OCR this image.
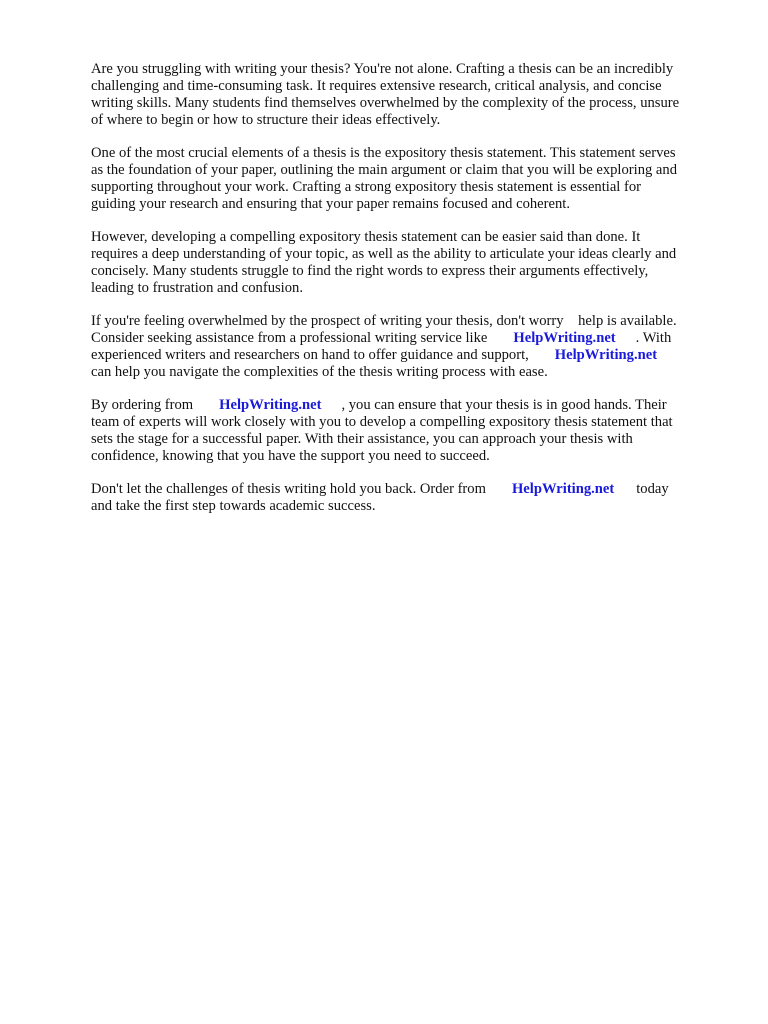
Are you struggling with writing your thesis? You're not alone. Crafting a thesis can be an incredibly
challenging and time-consuming task. It requires extensive research, critical analysis, and concise
writing skills. Many students find themselves overwhelmed by the complexity of the process, unsure
of where to begin or how to structure their ideas effectively.

One of the most crucial elements of a thesis is the expository thesis statement. This statement serves
as the foundation of your paper, outlining the main argument or claim that you will be exploring and
supporting throughout your work. Crafting a strong expository thesis statement is essential for
guiding your research and ensuring that your paper remains focused and coherent.

However, developing a compelling expository thesis statement can be easier said than done. It
requires a deep understanding of your topic, as well as the ability to articulate your ideas clearly and
concisely. Many students struggle to find the right words to express their arguments effectively,
leading to frustration and confusion.

If you're feeling overwhelmed by the prospect of writing your thesis, don't worry    help is available.
Consider seeking assistance from a professional writing service like HelpWriting.net . With
experienced writers and researchers on hand to offer guidance and support, HelpWriting.net
can help you navigate the complexities of the thesis writing process with ease.

By ordering from HelpWriting.net , you can ensure that your thesis is in good hands. Their
team of experts will work closely with you to develop a compelling expository thesis statement that
sets the stage for a successful paper. With their assistance, you can approach your thesis with
confidence, knowing that you have the support you need to succeed.

Don't let the challenges of thesis writing hold you back. Order from HelpWriting.net today
and take the first step towards academic success.
